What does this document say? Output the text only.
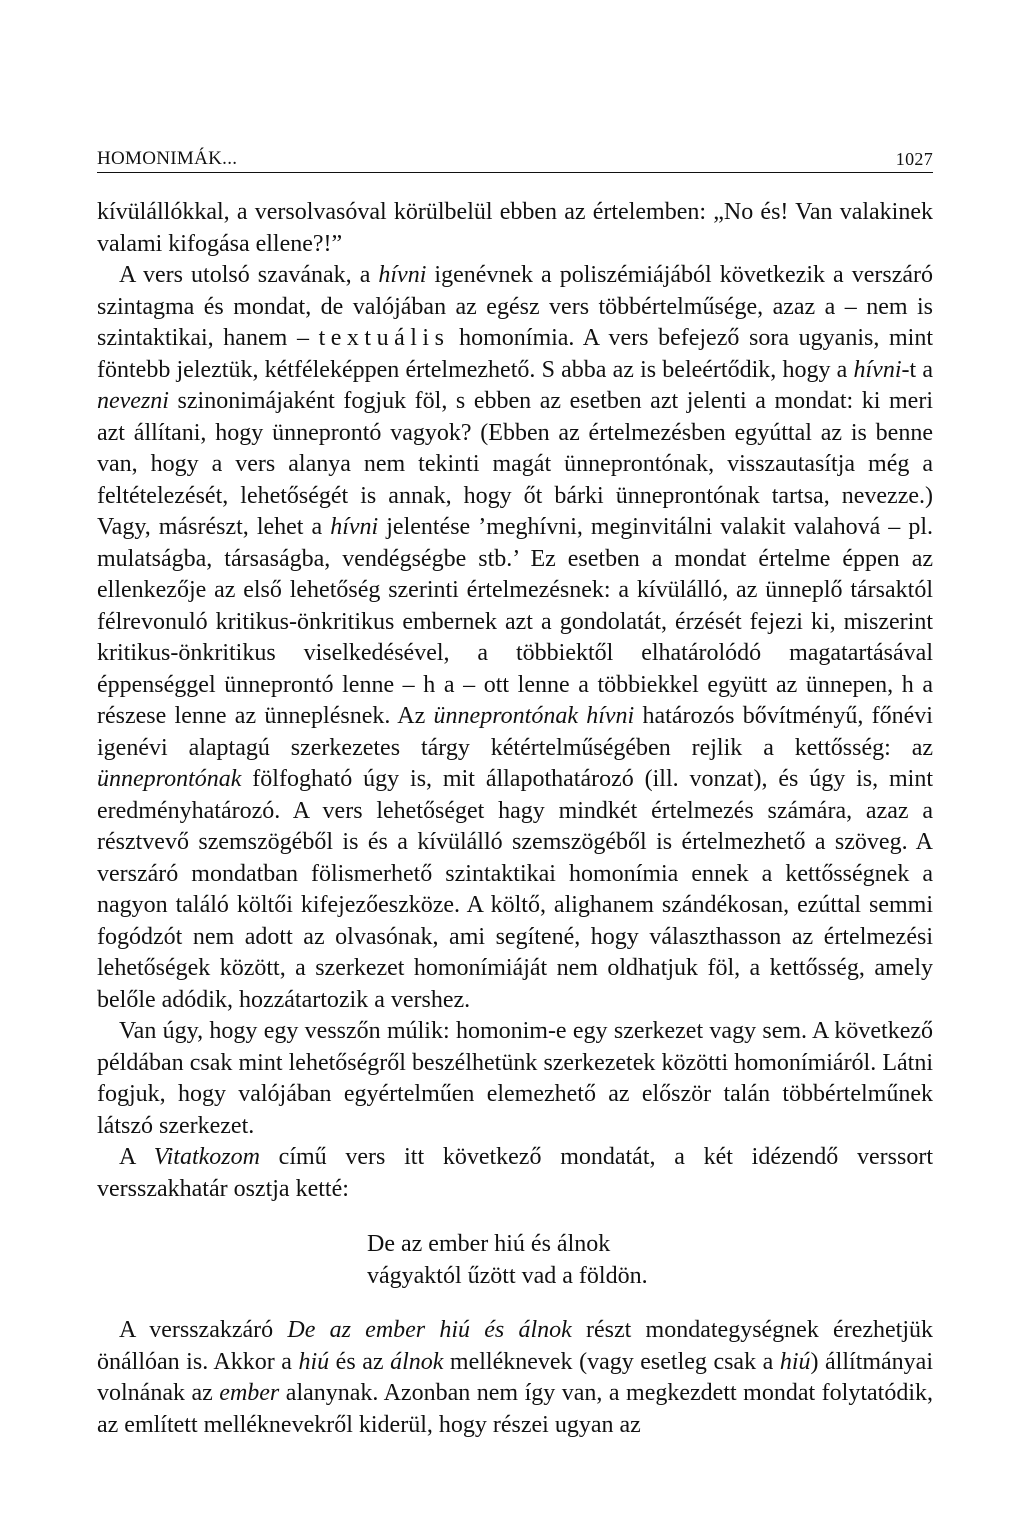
HOMONIMÁK...	1027

kívülállókkal, a versolvasóval körülbelül ebben az értelemben: „No és! Van valakinek valami kifogása ellene?!”

A vers utolsó szavának, a hívni igenévnek a poliszémiájából következik a verszáró szintagma és mondat, de valójában az egész vers többértelműsége, azaz a – nem is szintaktikai, hanem – textuális homonímia. A vers befejező sora ugyanis, mint föntebb jeleztük, kétféleképpen értelmezhető. S abba az is beleértődik, hogy a hívni-t a nevezni szinonimájaként fogjuk föl, s ebben az esetben azt jelenti a mondat: ki meri azt állítani, hogy ünneprontó vagyok? (Ebben az értelmezésben egyúttal az is benne van, hogy a vers alanya nem tekinti magát ünneprontónak, visszautasítja még a feltételezését, lehetőségét is annak, hogy őt bárki ünneprontónak tartsa, nevezze.) Vagy, másrészt, lehet a hívni jelentése ’meghívni, meginvitálni valakit valahová – pl. mulatságba, társaságba, vendégségbe stb.’ Ez esetben a mondat értelme éppen az ellenkezője az első lehetőség szerinti értelmezésnek: a kívülálló, az ünneplő társaktól félrevonuló kritikus-önkritikus embernek azt a gondolatát, érzését fejezi ki, miszerint kritikus-önkritikus viselkedésével, a többiektől elhatárolódó magatartásával éppenséggel ünneprontó lenne – h a – ott lenne a többiekkel együtt az ünnepen, h a részese lenne az ünneplésnek. Az ünneprontónak hívni határozós bővítményű, főnévi igenévi alaptagú szerkezetes tárgy kétértelműségében rejlik a kettősség: az ünneprontónak fölfogható úgy is, mit állapothatározó (ill. vonzat), és úgy is, mint eredményhatározó. A vers lehetőséget hagy mindkét értelmezés számára, azaz a résztvevő szemszögéből is és a kívülálló szemszögéből is értelmezhető a szöveg. A verszáró mondatban fölismerhető szintaktikai homonímia ennek a kettősségnek a nagyon találó költői kifejezőeszköze. A költő, alighanem szándékosan, ezúttal semmi fogódzót nem adott az olvasónak, ami segítené, hogy választhasson az értelmezési lehetőségek között, a szerkezet homonímiáját nem oldhatjuk föl, a kettősség, amely belőle adódik, hozzátartozik a vershez.

Van úgy, hogy egy vesszőn múlik: homonim-e egy szerkezet vagy sem. A következő példában csak mint lehetőségről beszélhetünk szerkezetek közötti homonímiáról. Látni fogjuk, hogy valójában egyértelműen elemezhető az először talán többértelműnek látszó szerkezet.

A Vitatkozom című vers itt következő mondatát, a két idézendő verssort versszakhatár osztja ketté:

De az ember hiú és álnok
vágyaktól űzött vad a földön.

A versszakzáró De az ember hiú és álnok részt mondategységnek érezhetjük önállóan is. Akkor a hiú és az álnok melléknevek (vagy esetleg csak a hiú) állítmányai volnának az ember alanynak. Azonban nem így van, a megkezdett mondat folytatódik, az említett melléknevekről kiderül, hogy részei ugyan az
